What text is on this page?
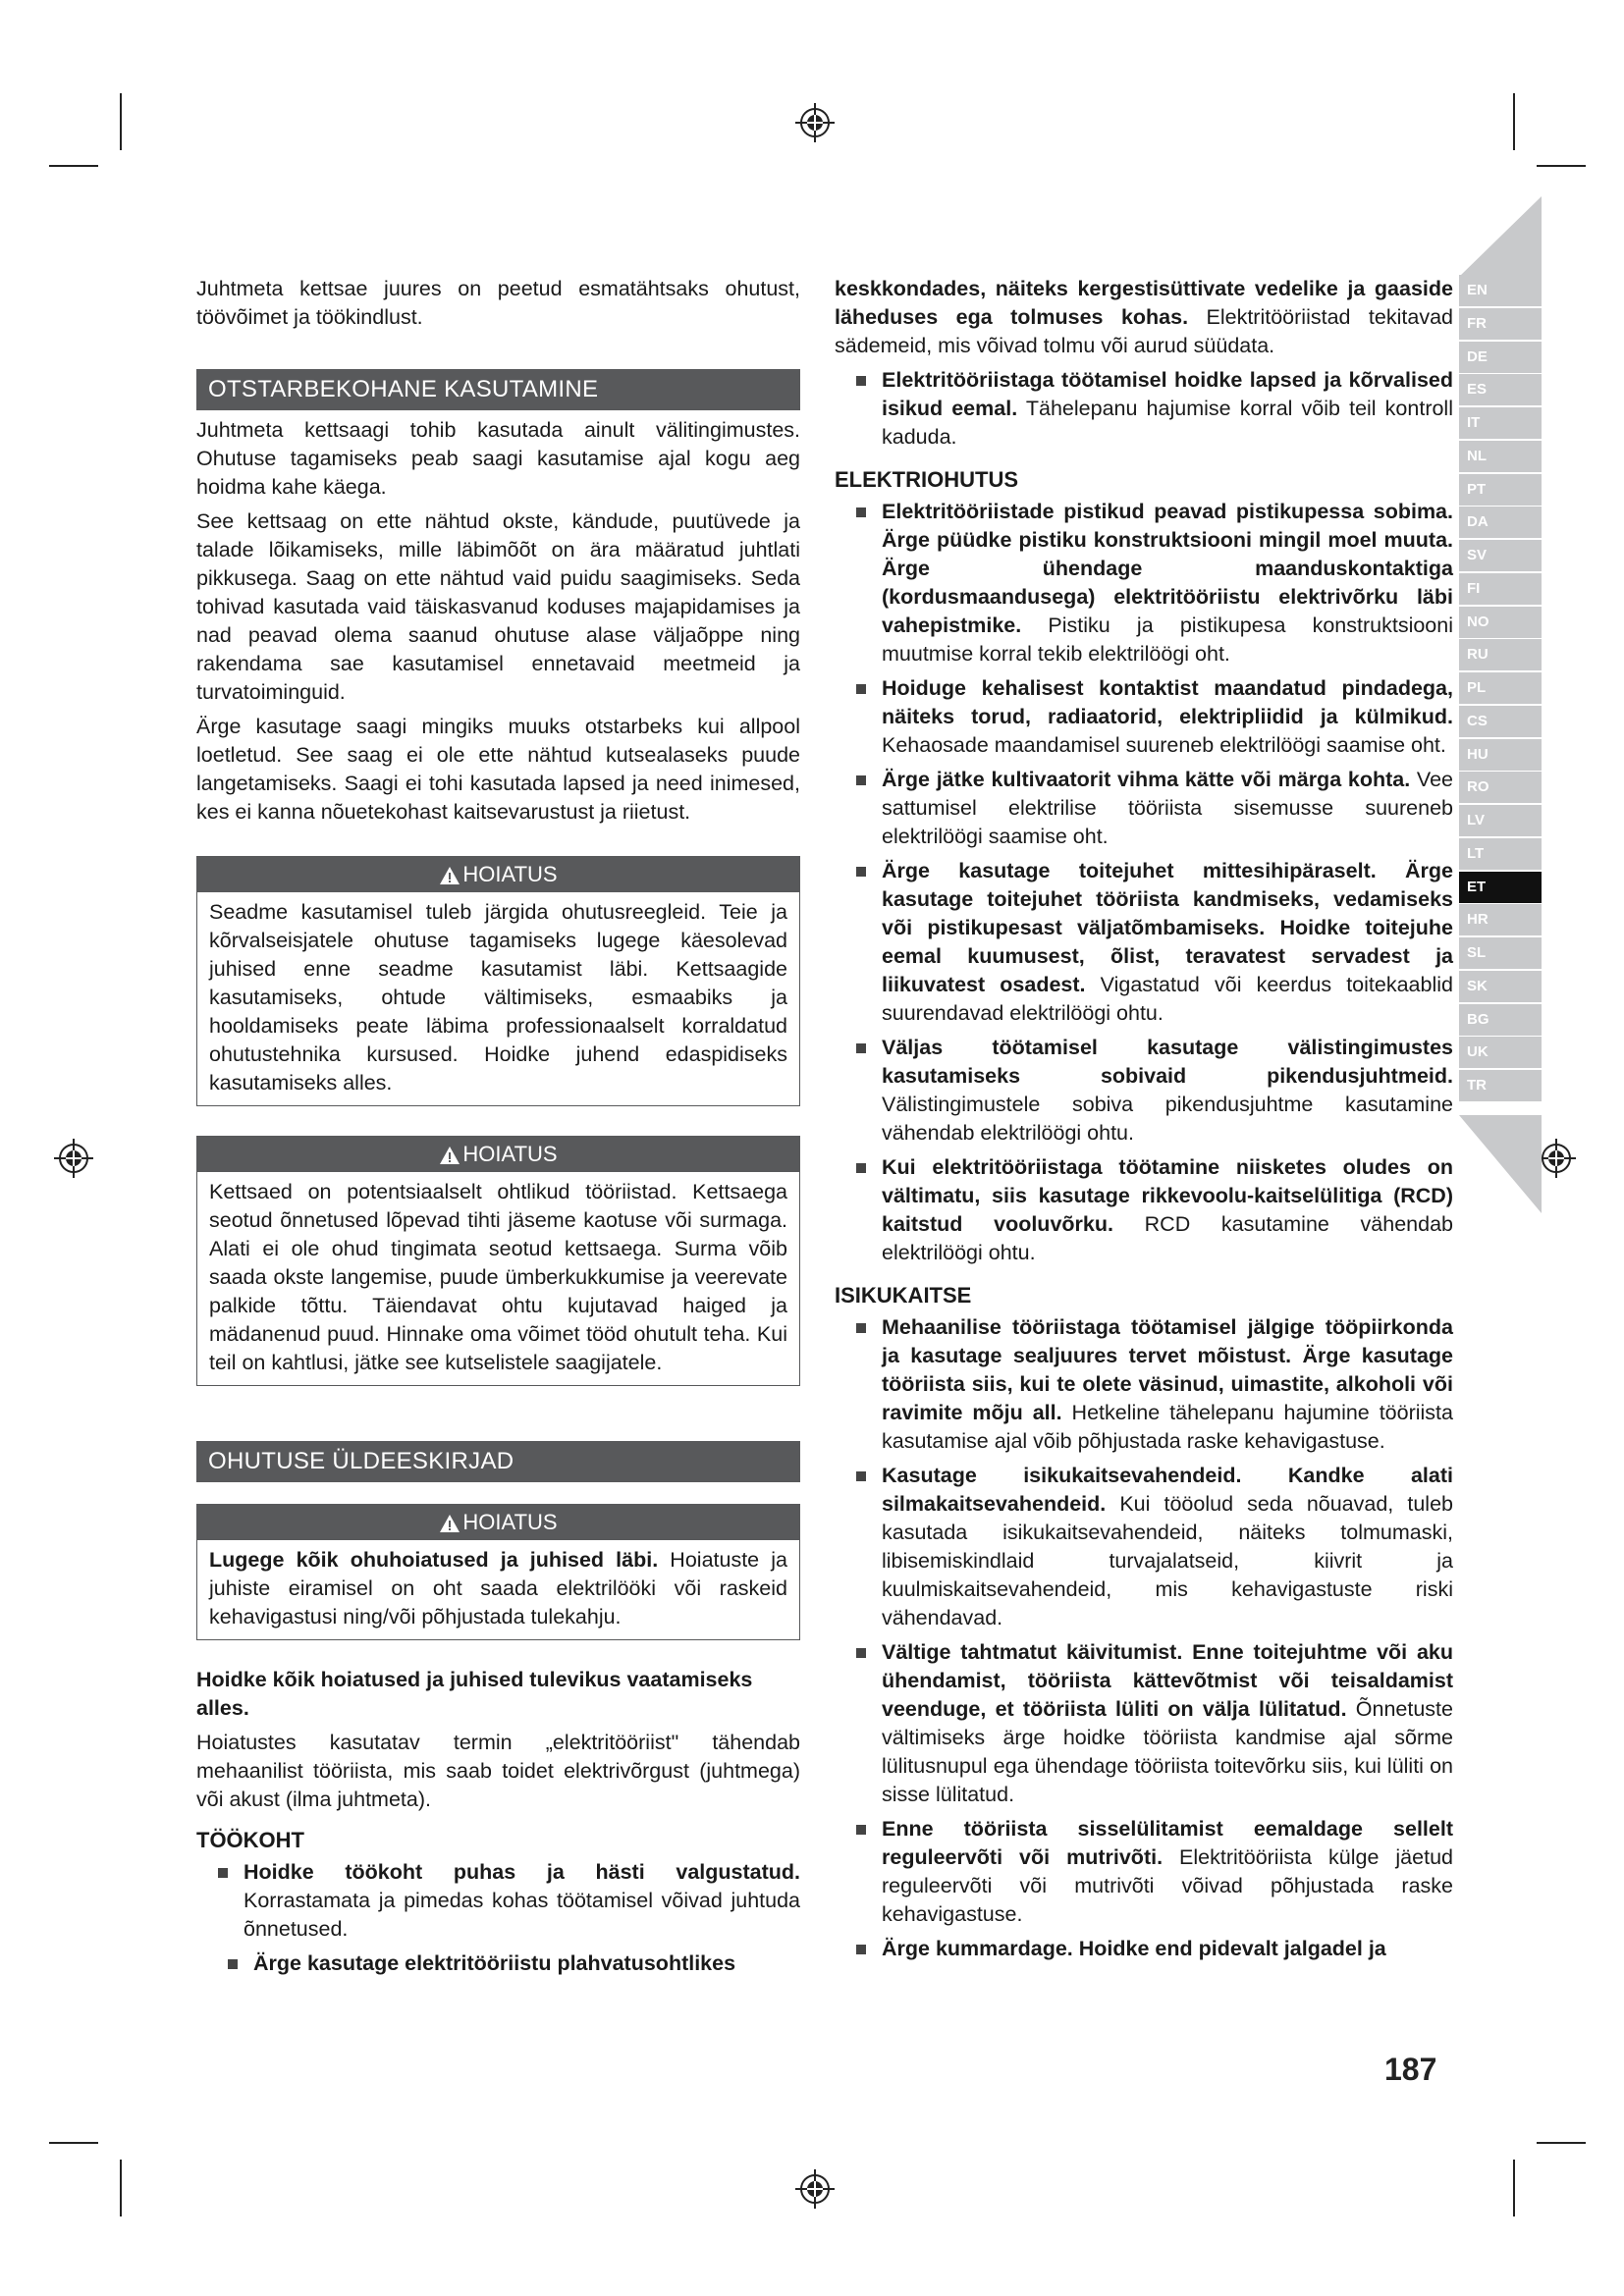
EN
FR
DE
ES
IT
NL
PT
DA
SV
FI
NO
RU
PL
CS
HU
RO
LV
LT
ET
HR
SL
SK
BG
UK
TR

Juhtmeta kettsae juures on peetud esmatähtsaks ohutust, töövõimet ja töökindlust.

OTSTARBEKOHANE KASUTAMINE

Juhtmeta kettsaagi tohib kasutada ainult välitingimustes. Ohutuse tagamiseks peab saagi kasutamise ajal kogu aeg hoidma kahe käega.

See kettsaag on ette nähtud okste, kändude, puutüvede ja talade lõikamiseks, mille läbimõõt on ära määratud juhtlati pikkusega. Saag on ette nähtud vaid puidu saagimiseks. Seda tohivad kasutada vaid täiskasvanud koduses majapidamises ja nad peavad olema saanud ohutuse alase väljaõppe ning rakendama sae kasutamisel ennetavaid meetmeid ja turvatoiminguid.

Ärge kasutage saagi mingiks muuks otstarbeks kui allpool loetletud. See saag ei ole ette nähtud kutsealaseks puude langetamiseks. Saagi ei tohi kasutada lapsed ja need inimesed, kes ei kanna nõuetekohast kaitsevarustust ja riietust.

HOIATUS

Seadme kasutamisel tuleb järgida ohutusreegleid. Teie ja kõrvalseisjatele ohutuse tagamiseks lugege käesolevad juhised enne seadme kasutamist läbi. Kettsaagide kasutamiseks, ohtude vältimiseks, esmaabiks ja hooldamiseks peate läbima professionaalselt korraldatud ohutustehnika kursused. Hoidke juhend edaspidiseks kasutamiseks alles.

HOIATUS

Kettsaed on potentsiaalselt ohtlikud tööriistad. Kettsaega seotud õnnetused lõpevad tihti jäseme kaotuse või surmaga. Alati ei ole ohud tingimata seotud kettsaega. Surma võib saada okste langemise, puude ümberkukkumise ja veerevate palkide tõttu. Täiendavat ohtu kujutavad haiged ja mädanenud puud. Hinnake oma võimet tööd ohutult teha. Kui teil on kahtlusi, jätke see kutselistele saagijatele.

OHUTUSE ÜLDEESKIRJAD
HOIATUS

Lugege kõik ohuhoiatused ja juhised läbi. Hoiatuste ja juhiste eiramisel on oht saada elektrilöökі või raskeid kehavigastusi ning/või põhjustada tulekahju.

Hoidke kõik hoiatused ja juhised tulevikus vaatamiseks alles.

Hoiatustes kasutatav termin „elektritööriist" tähendab mehaanilist tööriista, mis saab toidet elektrivõrgust (juhtmega) või akust (ilma juhtmeta).

TÖÖKOHT
Hoidke töökoht puhas ja hästi valgustatud. Korrastamata ja pimedas kohas töötamisel võivad juhtuda õnnetused.
Ärge kasutage elektritööriistu plahvatusohtlikes

keskkondades, näiteks kergestisüttivate vedelike ja gaaside läheduses ega tolmuses kohas. Elektritööriistad tekitavad sädemeid, mis võivad tolmu või aurud süüdata.

Elektritööriistaga töötamisel hoidke lapsed ja kõrvalised isikud eemal. Tähelepanu hajumise korral võib teil kontroll kaduda.
ELEKTRIOHUTUS
Elektritööriistade pistikud peavad pistikupessa sobima. Ärge püüdke pistiku konstruktsiooni mingil moel muuta. Ärge ühendage maanduskontaktiga (kordusmaandusega) elektritööriistu elektrivõrku läbi vahepistmike. Pistiku ja pistikupesa konstruktsiooni muutmise korral tekib elektrilöögi oht.
Hoiduge kehalisest kontaktist maandatud pindadega, näiteks torud, radiaatorid, elektripliidid ja külmikud. Kehaosade maandamisel suureneb elektrilöögi saamise oht.
Ärge jätke kultivaatorit vihma kätte või märga kohta. Vee sattumisel elektrilise tööriista sisemusse suureneb elektrilöögi saamise oht.
Ärge kasutage toitejuhet mittesihipäraselt. Ärge kasutage toitejuhet tööriista kandmiseks, vedamiseks või pistikupesast väljatõmbamiseks. Hoidke toitejuhe eemal kuumusest, õlist, teravatest servadest ja liikuvatest osadest. Vigastatud või keerdus toitekaablid suurendavad elektrilöögi ohtu.
Väljas töötamisel kasutage välistingimustes kasutamiseks sobivaid pikendusjuhtmeid. Välistingimustele sobiva pikendusjuhtme kasutamine vähendab elektrilöögi ohtu.
Kui elektritööriistaga töötamine niisketes oludes on vältimatu, siis kasutage rikkevoolu-kaitselülitiga (RCD) kaitstud vooluvõrku. RCD kasutamine vähendab elektrilöögi ohtu.
ISIKUKAITSE
Mehaanilise tööriistaga töötamisel jälgige tööpiirkonda ja kasutage sealjuures tervet mõistust. Ärge kasutage tööriista siis, kui te olete väsinud, uimastite, alkoholi või ravimite mõju all. Hetkeline tähelepanu hajumine tööriista kasutamise ajal võib põhjustada raske kehavigastuse.
Kasutage isikukaitsevahendeid. Kandke alati silmakaitsevahendeid. Kui tööolud seda nõuavad, tuleb kasutada isikukaitsevahendeid, näiteks tolmumaski, libisemiskindlaid turvajalatseid, kiivrit ja kuulmiskaitsevahendeid, mis kehavigastuste riski vähendavad.
Vältige tahtmatut käivitumist. Enne toitejuhtme või aku ühendamist, tööriista kättevõtmist või teisaldamist veenduge, et tööriista lüliti on välja lülitatud. Õnnetuste vältimiseks ärge hoidke tööriista kandmise ajal sõrme lülitusnupul ega ühendage tööriista toitevõrku siis, kui lüliti on sisse lülitatud.
Enne tööriista sisselülitamist eemaldage sellelt reguleervõti või mutrivõti. Elektritööriista külge jäetud reguleervõti või mutrivõti võivad põhjustada raske kehavigastuse.
Ärge kummardage. Hoidke end pidevalt jalgadel ja
187
